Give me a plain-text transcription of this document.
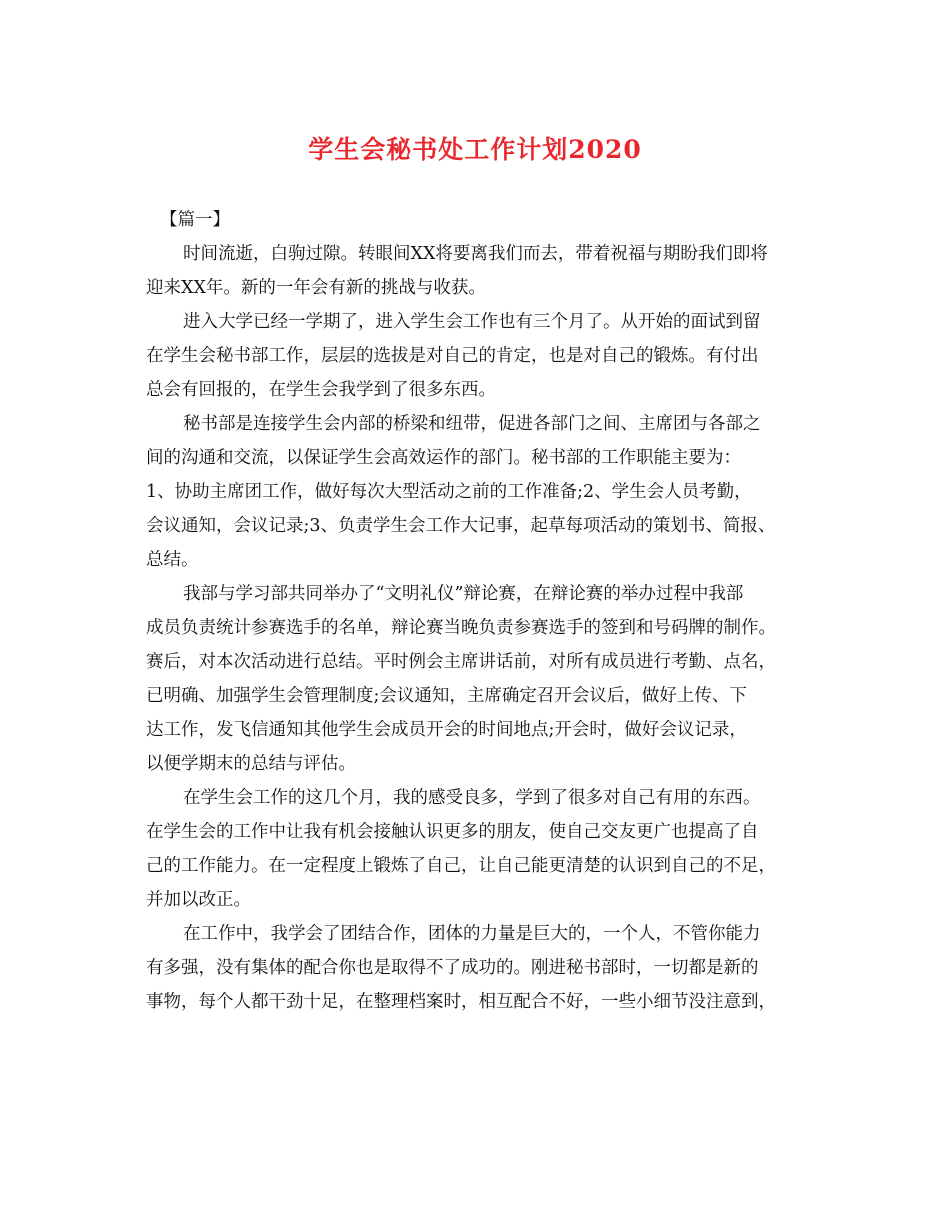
学生会秘书处工作计划2020
【篇一】
时间流逝，白驹过隙。转眼间XX将要离我们而去，带着祝福与期盼我们即将
迎来XX年。新的一年会有新的挑战与收获。
进入大学已经一学期了，进入学生会工作也有三个月了。从开始的面试到留
在学生会秘书部工作，层层的选拔是对自己的肯定，也是对自己的锻炼。有付出
总会有回报的，在学生会我学到了很多东西。
秘书部是连接学生会内部的桥梁和纽带，促进各部门之间、主席团与各部之
间的沟通和交流，以保证学生会高效运作的部门。秘书部的工作职能主要为：
1、协助主席团工作，做好每次大型活动之前的工作准备;2、学生会人员考勤，
会议通知，会议记录;3、负责学生会工作大记事，起草每项活动的策划书、简报、
总结。
我部与学习部共同举办了“文明礼仪”辩论赛，在辩论赛的举办过程中我部
成员负责统计参赛选手的名单，辩论赛当晚负责参赛选手的签到和号码牌的制作。
赛后，对本次活动进行总结。平时例会主席讲话前，对所有成员进行考勤、点名，
已明确、加强学生会管理制度;会议通知，主席确定召开会议后，做好上传、下
达工作，发飞信通知其他学生会成员开会的时间地点;开会时，做好会议记录，
以便学期末的总结与评估。
在学生会工作的这几个月，我的感受良多，学到了很多对自己有用的东西。
在学生会的工作中让我有机会接触认识更多的朋友，使自己交友更广也提高了自
己的工作能力。在一定程度上锻炼了自己，让自己能更清楚的认识到自己的不足，
并加以改正。
在工作中，我学会了团结合作，团体的力量是巨大的，一个人，不管你能力
有多强，没有集体的配合你也是取得不了成功的。刚进秘书部时，一切都是新的
事物，每个人都干劲十足，在整理档案时，相互配合不好，一些小细节没注意到，
